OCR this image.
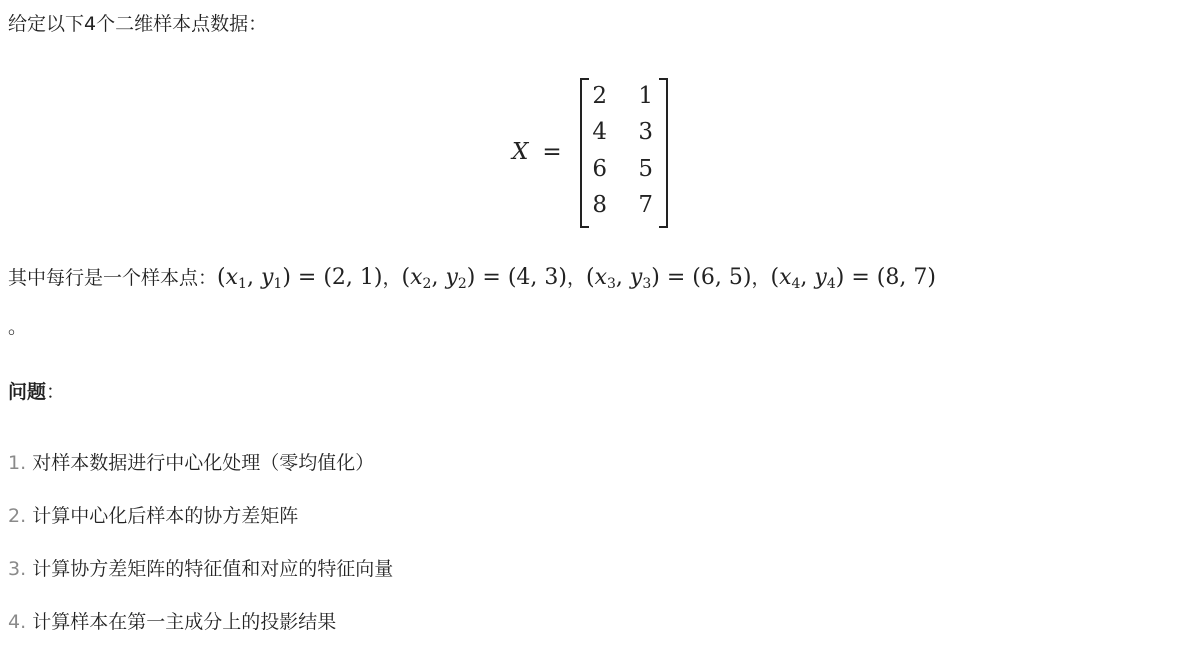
给定以下4个二维样本点数据：
X =
2 1
4 3
6 5
8 7
其中每行是一个样本点：($x_1$, $y_1) = (2$, 1)，($x_2$, $y_2) = (4$, 3)，($x_3$, $y_3) = (6$, 5)，($x_4$, $y_4) = (8$, 7)
。
问题：
1. 对样本数据进行中心化处理（零均值化）
2. 计算中心化后样本的协方差矩阵
3. 计算协方差矩阵的特征值和对应的特征向量
4. 计算样本在第一主成分上的投影结果
